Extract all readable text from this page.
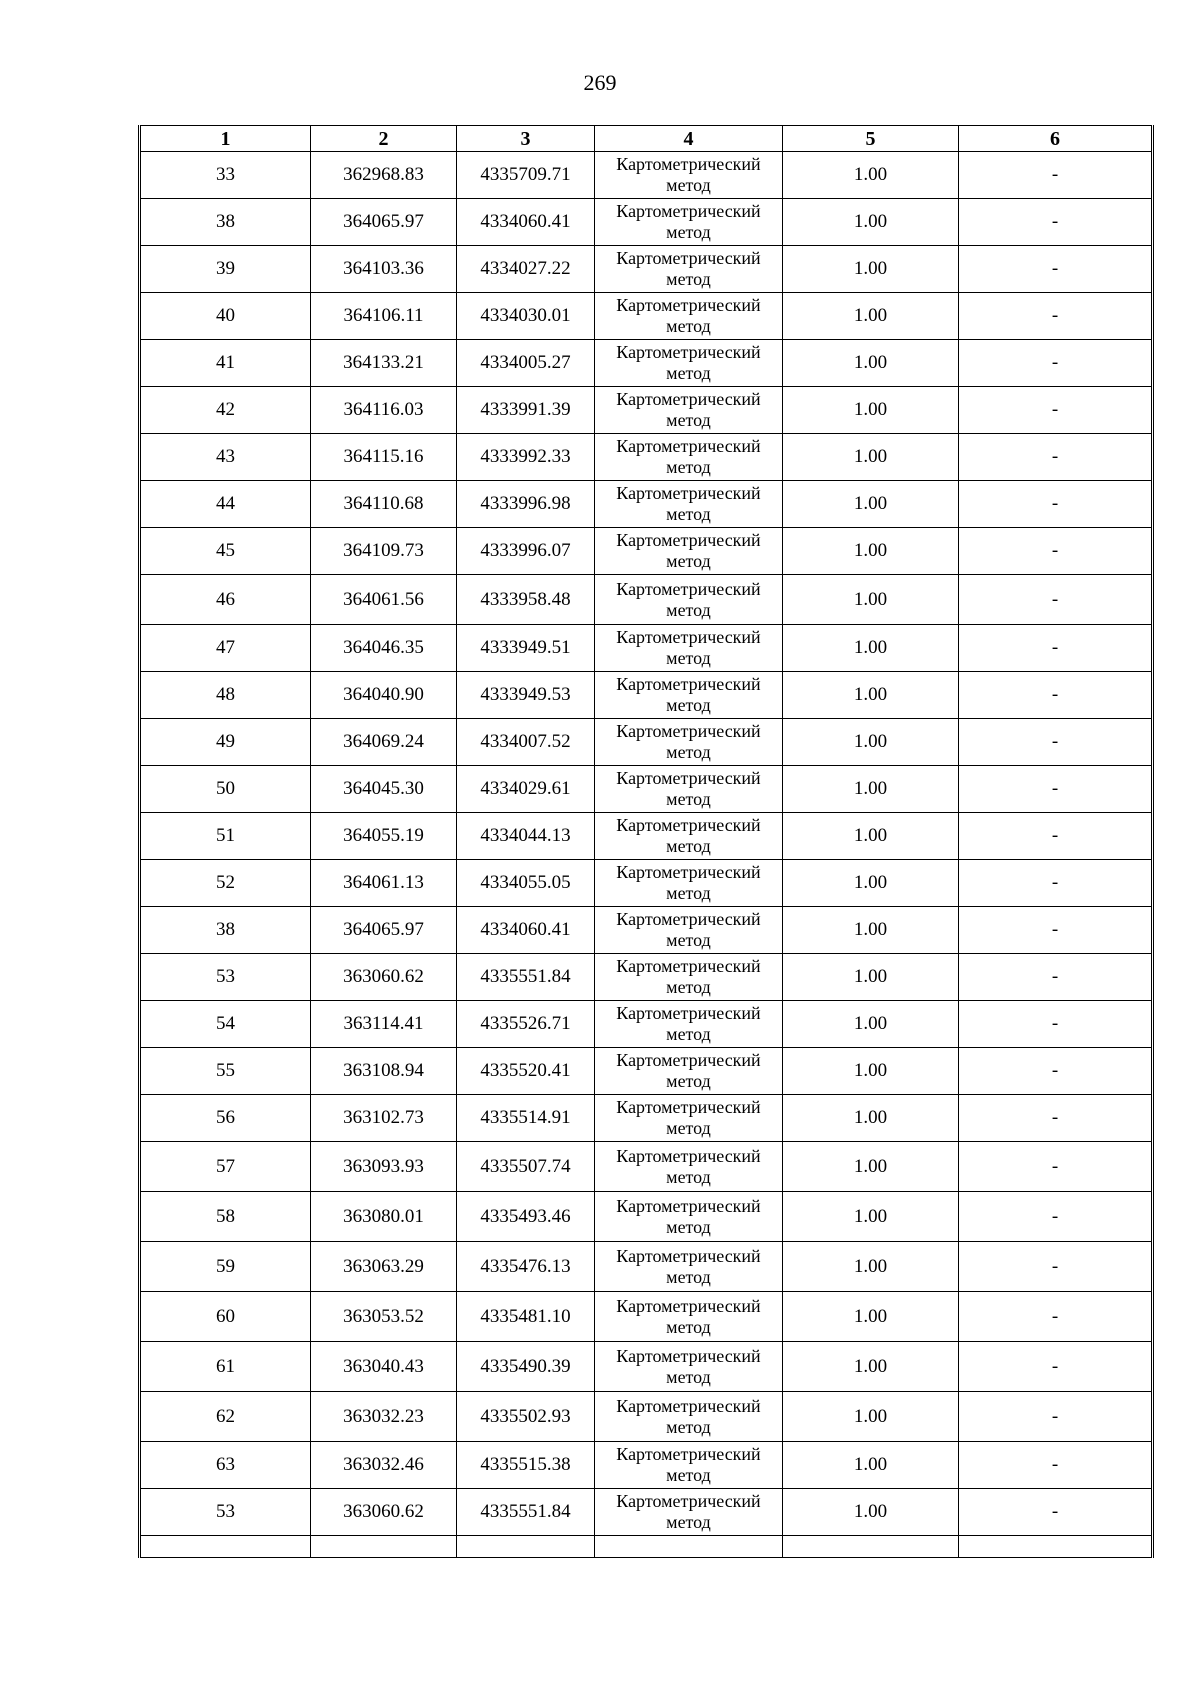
269
1	2	3	4	5	6
33	362968.83	4335709.71	Картометрический метод	1.00	-
38	364065.97	4334060.41	Картометрический метод	1.00	-
39	364103.36	4334027.22	Картометрический метод	1.00	-
40	364106.11	4334030.01	Картометрический метод	1.00	-
41	364133.21	4334005.27	Картометрический метод	1.00	-
42	364116.03	4333991.39	Картометрический метод	1.00	-
43	364115.16	4333992.33	Картометрический метод	1.00	-
44	364110.68	4333996.98	Картометрический метод	1.00	-
45	364109.73	4333996.07	Картометрический метод	1.00	-
46	364061.56	4333958.48	Картометрический метод	1.00	-
47	364046.35	4333949.51	Картометрический метод	1.00	-
48	364040.90	4333949.53	Картометрический метод	1.00	-
49	364069.24	4334007.52	Картометрический метод	1.00	-
50	364045.30	4334029.61	Картометрический метод	1.00	-
51	364055.19	4334044.13	Картометрический метод	1.00	-
52	364061.13	4334055.05	Картометрический метод	1.00	-
38	364065.97	4334060.41	Картометрический метод	1.00	-
53	363060.62	4335551.84	Картометрический метод	1.00	-
54	363114.41	4335526.71	Картометрический метод	1.00	-
55	363108.94	4335520.41	Картометрический метод	1.00	-
56	363102.73	4335514.91	Картометрический метод	1.00	-
57	363093.93	4335507.74	Картометрический метод	1.00	-
58	363080.01	4335493.46	Картометрический метод	1.00	-
59	363063.29	4335476.13	Картометрический метод	1.00	-
60	363053.52	4335481.10	Картометрический метод	1.00	-
61	363040.43	4335490.39	Картометрический метод	1.00	-
62	363032.23	4335502.93	Картометрический метод	1.00	-
63	363032.46	4335515.38	Картометрический метод	1.00	-
53	363060.62	4335551.84	Картометрический метод	1.00	-
